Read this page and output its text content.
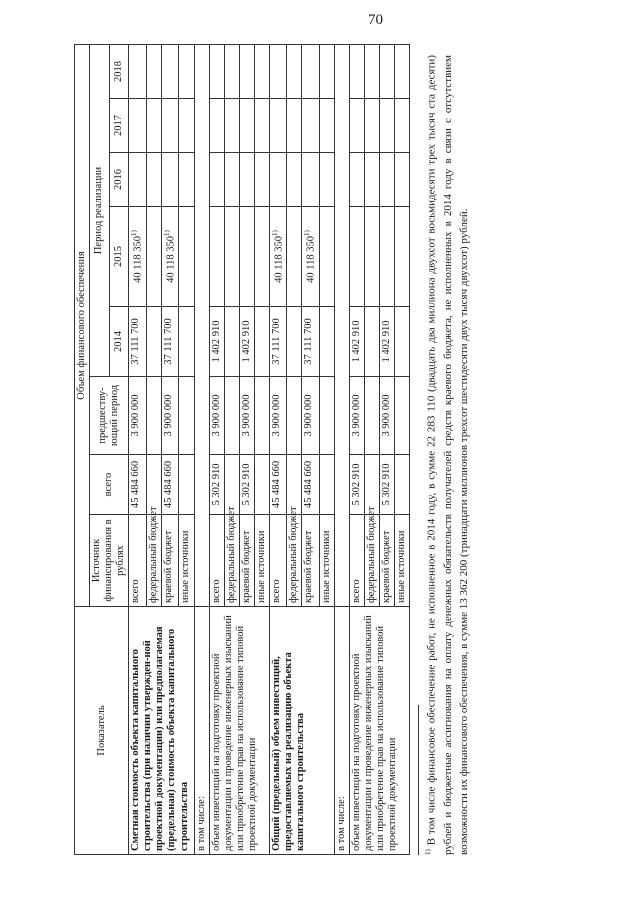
70
Показатель	Объем финансового обеспечения							
	Источник финансирования в рублях	всего	предшеству-ющий период	Период реализации				
				2014	2015	2016	2017	2018
Сметная стоимость объекта капитального строительства (при наличии утвержден-ной проектной документации) или предполагаемая (предельная) стоимость объекта капитального строительства	всего	45 484 660	3 900 000	37 111 700	40 118 350$^{1)}$			
	федеральный бюджет							
	краевой бюджет	45 484 660	3 900 000	37 111 700	40 118 350$^{1)}$			
	иные источники							
в том числе:								
объем инвестиций на подготовку проектной документации и проведение инженерных изысканий или приобретение прав на использование типовой проектной документации	всего	5 302 910	3 900 000	1 402 910				
	федеральный бюджет							
	краевой бюджет	5 302 910	3 900 000	1 402 910				
	иные источники							
Общий (предельный) объем инвестиций, предоставляемых на реализацию объекта капитального строительства	всего	45 484 660	3 900 000	37 111 700	40 118 350$^{1)}$			
	федеральный бюджет							
	краевой бюджет	45 484 660	3 900 000	37 111 700	40 118 350$^{1)}$			
	иные источники							
в том числе:								
объем инвестиций на подготовку проектной документации и проведение инженерных изысканий или приобретение прав на использование типовой проектной документации	всего	5 302 910	3 900 000	1 402 910				
	федеральный бюджет							
	краевой бюджет	5 302 910	3 900 000	1 402 910				
	иные источники							
$^{1)}$ В том числе финансовое обеспечение работ, не исполненное в 2014 году, в сумме 22 283 110 (двадцать два миллиона двухсот восьмидесяти трех тысяч ста десяти) рублей и бюджетные ассигнования на оплату денежных обязательств получателей средств краевого бюджета, не исполненных в 2014 году в связи с отсутствием возможности их финансового обеспечения, в сумме 13 362 200 (тринадцати миллионов трехсот шестидесяти двух тысяч двухсот) рублей.
